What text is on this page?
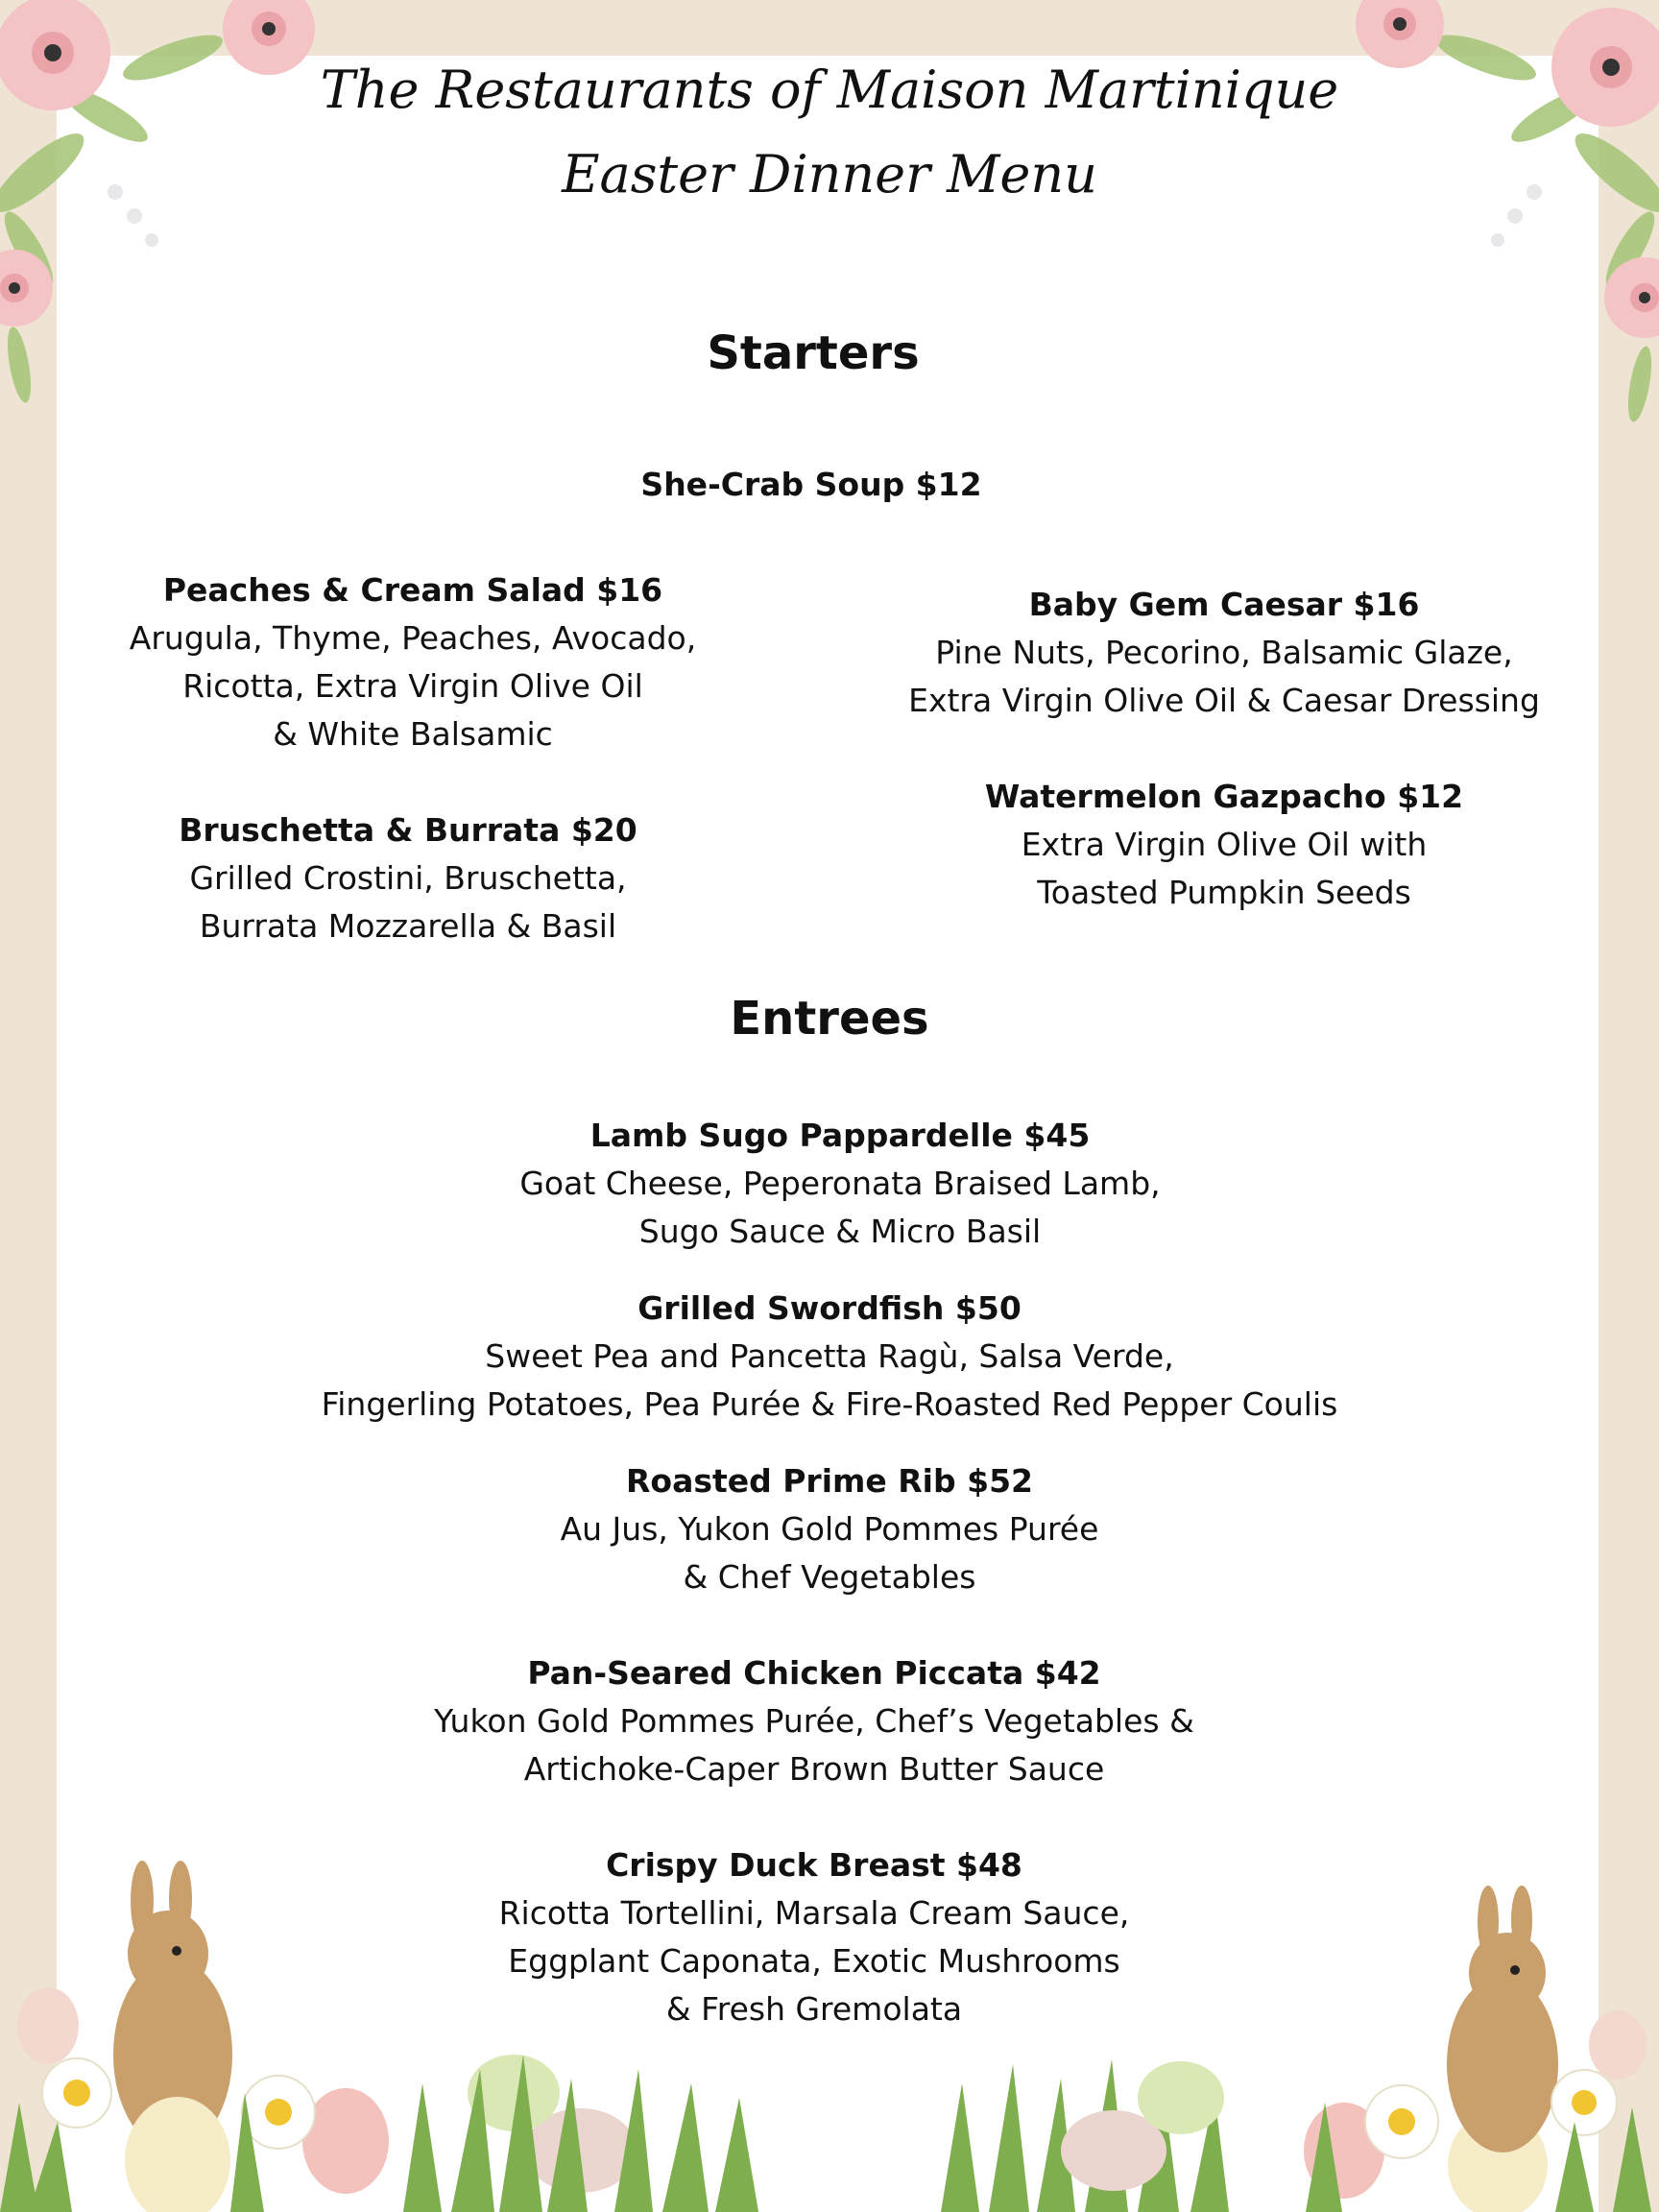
The Restaurants of Maison Martinique
Easter Dinner Menu
Starters
She-Crab Soup $12
Peaches & Cream Salad $16
Arugula, Thyme, Peaches, Avocado,
Ricotta, Extra Virgin Olive Oil
& White Balsamic
Bruschetta & Burrata $20
Grilled Crostini, Bruschetta,
Burrata Mozzarella & Basil
Baby Gem Caesar $16
Pine Nuts, Pecorino, Balsamic Glaze,
Extra Virgin Olive Oil & Caesar Dressing
Watermelon Gazpacho $12
Extra Virgin Olive Oil with
Toasted Pumpkin Seeds
Entrees
Lamb Sugo Pappardelle $45
Goat Cheese, Peperonata Braised Lamb,
Sugo Sauce & Micro Basil
Grilled Swordfish $50
Sweet Pea and Pancetta Ragù, Salsa Verde,
Fingerling Potatoes, Pea Purée & Fire-Roasted Red Pepper Coulis
Roasted Prime Rib $52
Au Jus, Yukon Gold Pommes Purée
& Chef Vegetables
Pan-Seared Chicken Piccata $42
Yukon Gold Pommes Purée, Chef’s Vegetables &
Artichoke-Caper Brown Butter Sauce
Crispy Duck Breast $48
Ricotta Tortellini, Marsala Cream Sauce,
Eggplant Caponata, Exotic Mushrooms
& Fresh Gremolata
